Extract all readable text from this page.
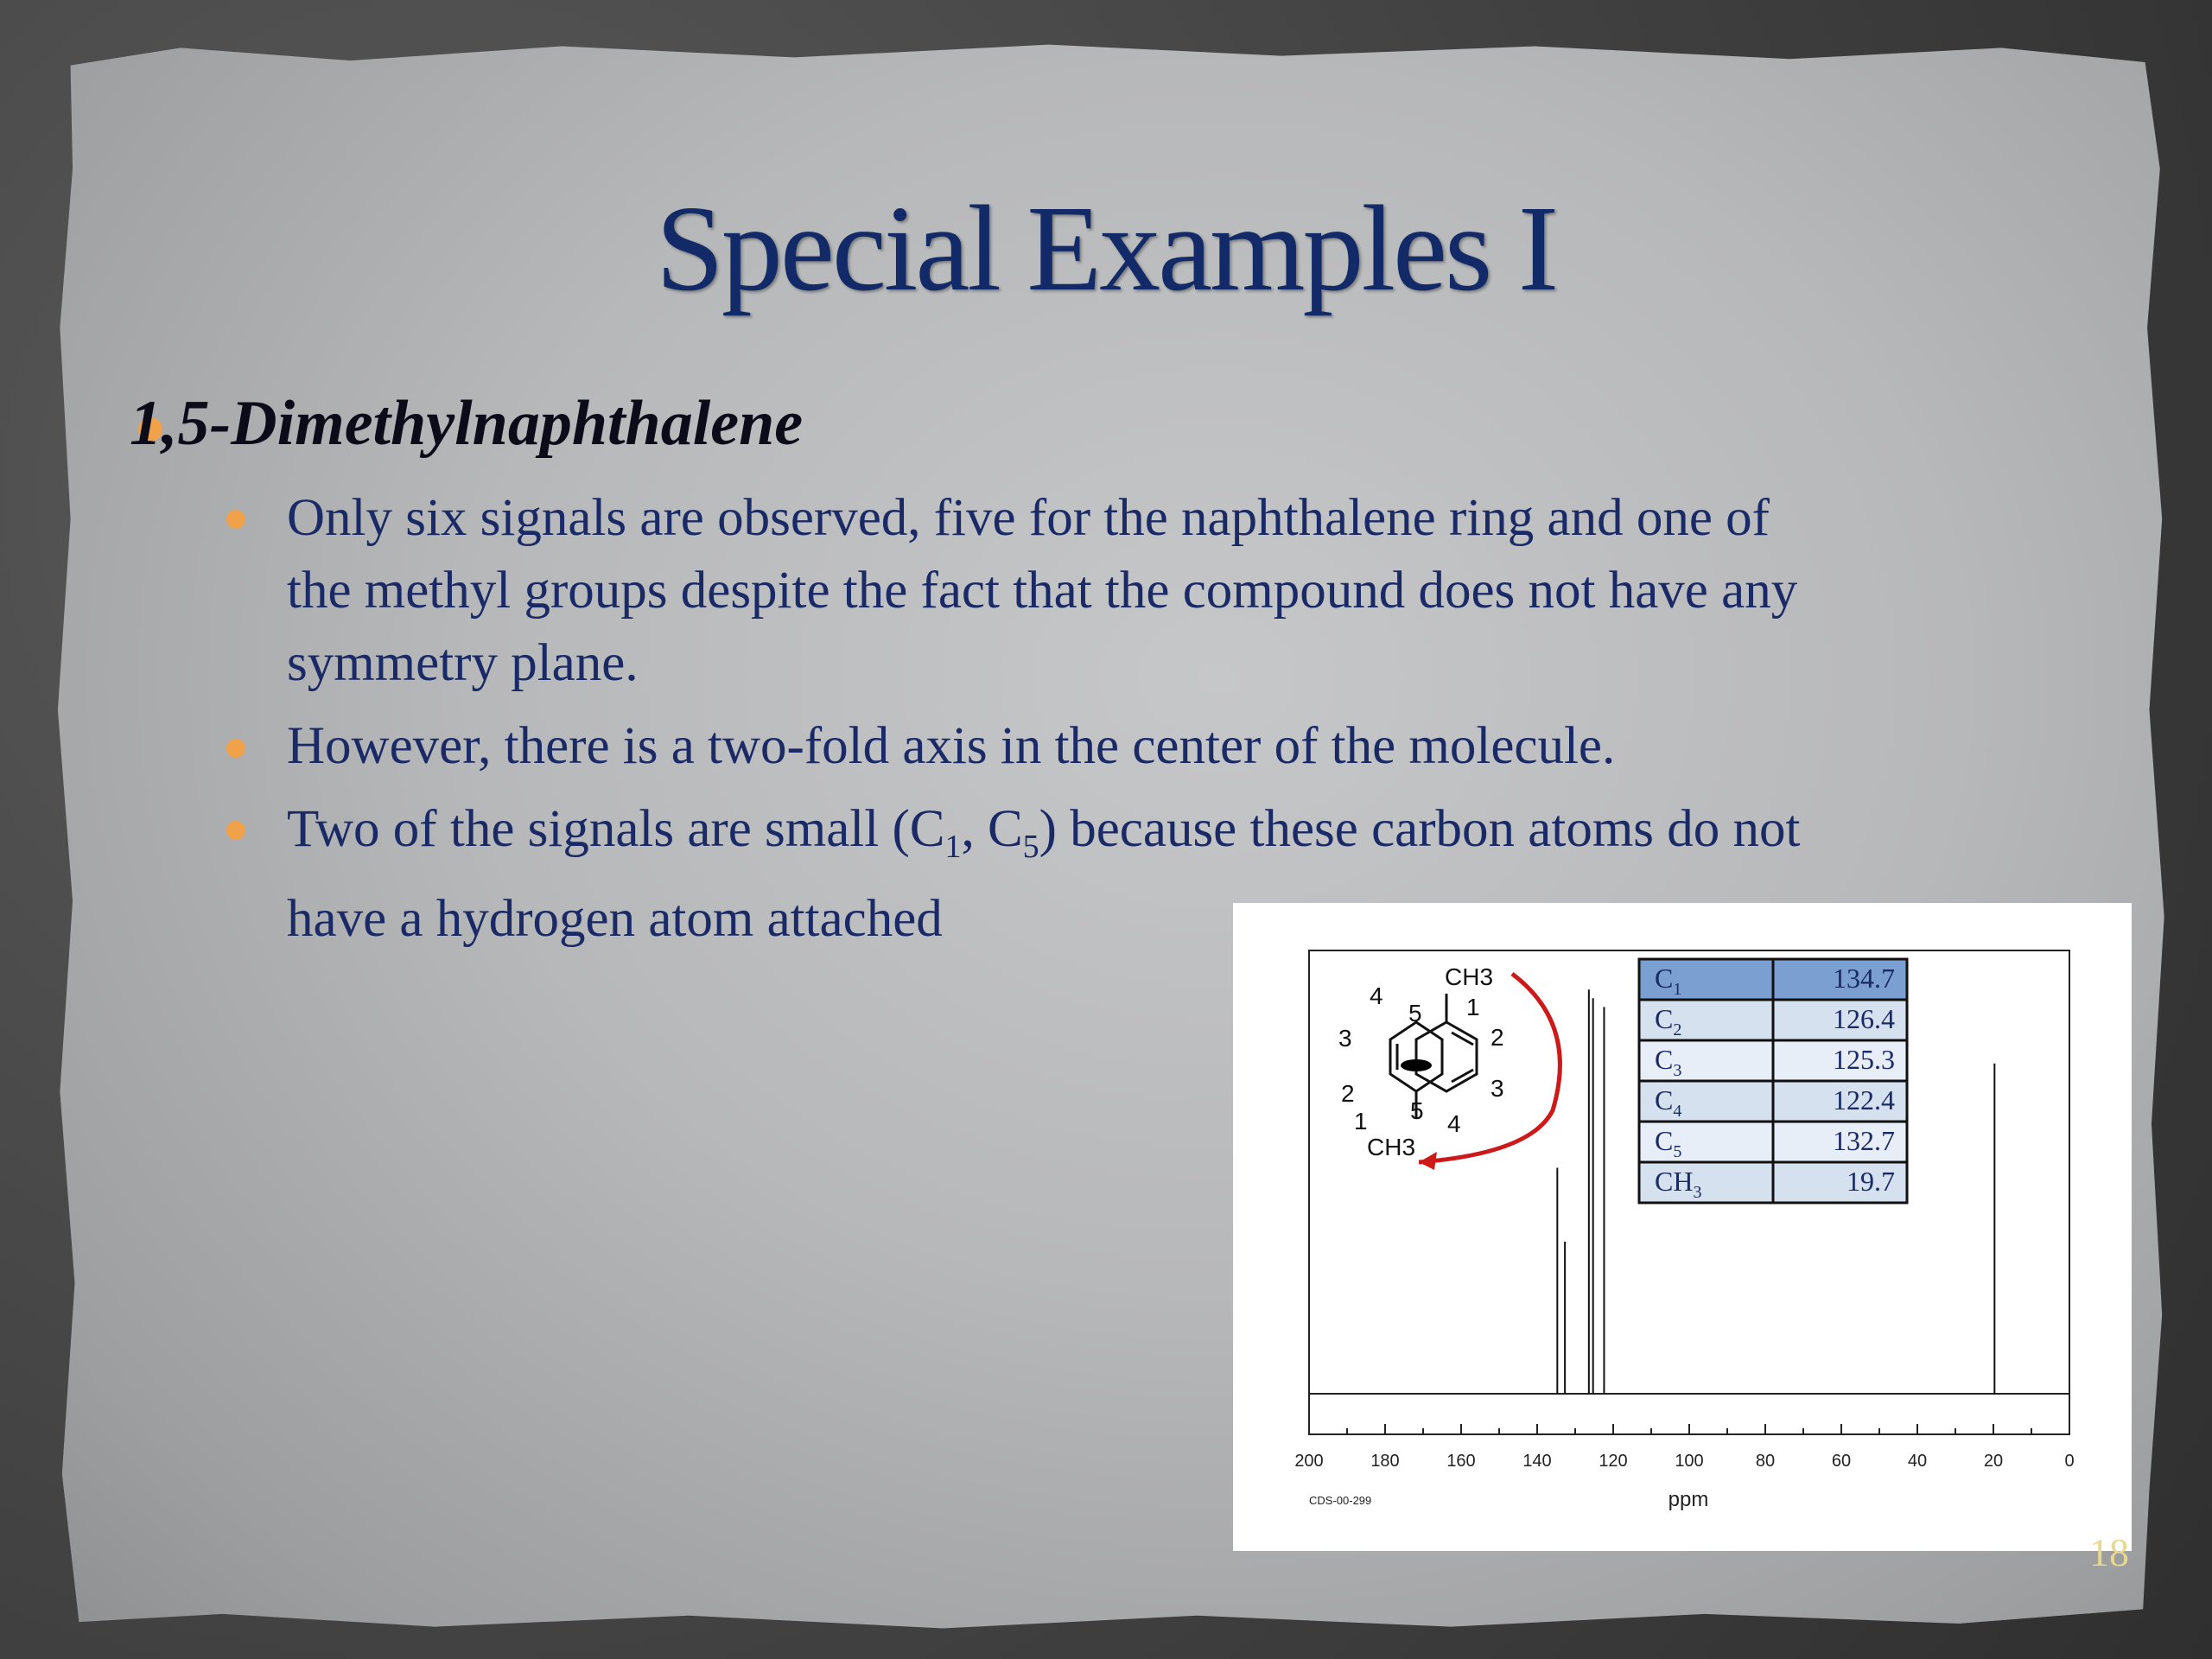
Special Examples I
1,5-Dimethylnaphthalene
Only six signals are observed, five for the naphthalene ring and one of
the methyl groups despite the fact that the compound does not have any
symmetry plane.
However, there is a two-fold axis in the center of the molecule.
Two of the signals are small ($C_1$, $C_5$) because these carbon atoms do not
have a hydrogen atom attached
200	180	160	140	120	100	80	60	40	20	0
CDS-00-299	ppm
CH3
CH3
4
5 1
2
3
3
2
1 5 4
$C_1$	134.7
$C_2$	126.4
$C_3$	125.3
$C_4$	122.4
$C_5$	132.7
$CH_3$	19.7
18
